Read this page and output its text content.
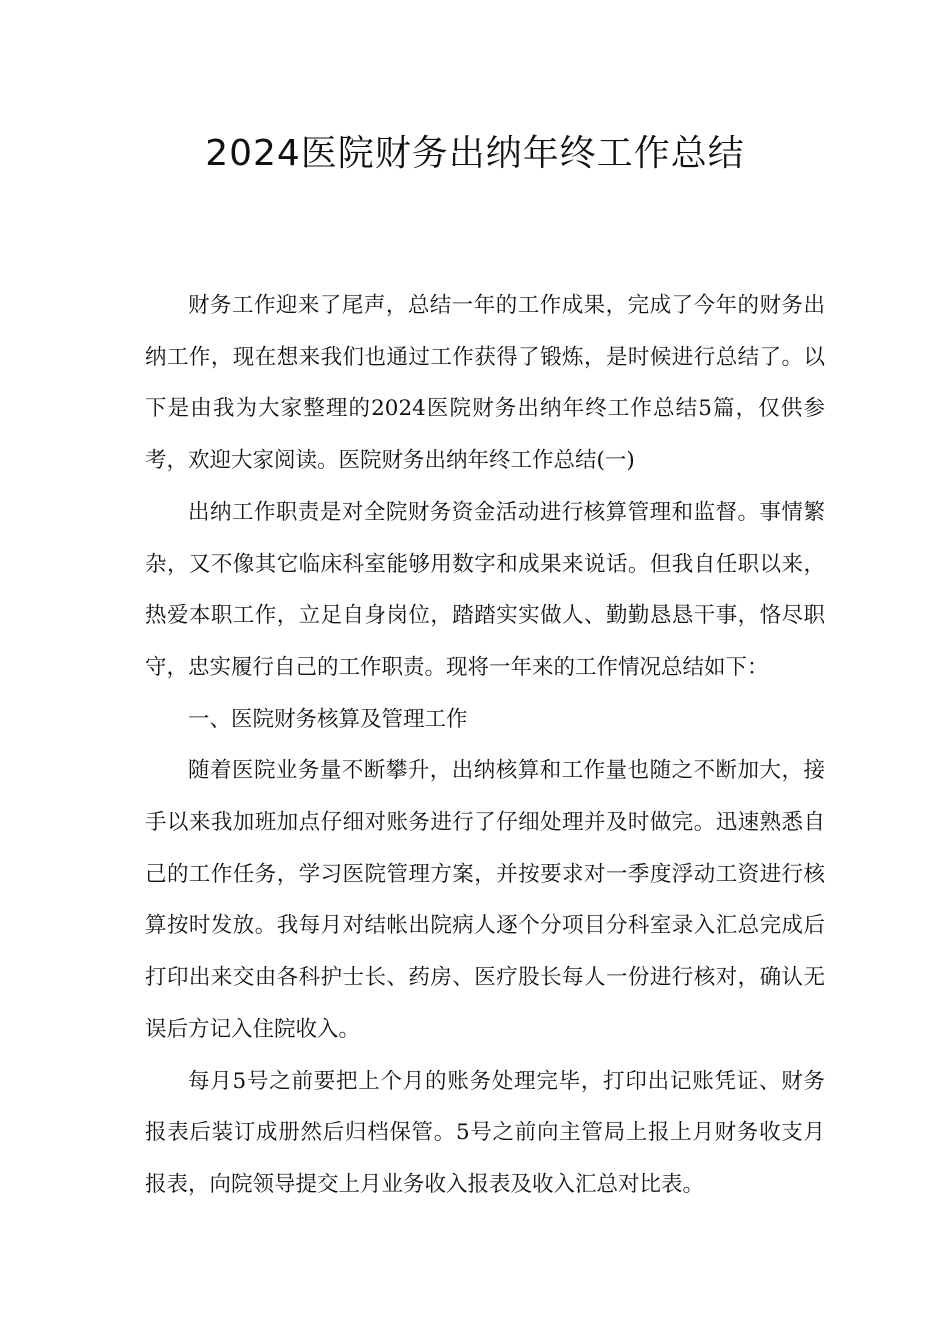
2024医院财务出纳年终工作总结

财务工作迎来了尾声，总结一年的工作成果，完成了今年的财务出纳工作，现在想来我们也通过工作获得了锻炼，是时候进行总结了。以下是由我为大家整理的2024医院财务出纳年终工作总结5篇，仅供参考，欢迎大家阅读。医院财务出纳年终工作总结(一)

出纳工作职责是对全院财务资金活动进行核算管理和监督。事情繁杂，又不像其它临床科室能够用数字和成果来说话。但我自任职以来，热爱本职工作，立足自身岗位，踏踏实实做人、勤勤恳恳干事，恪尽职守，忠实履行自己的工作职责。现将一年来的工作情况总结如下：

一、医院财务核算及管理工作

随着医院业务量不断攀升，出纳核算和工作量也随之不断加大，接手以来我加班加点仔细对账务进行了仔细处理并及时做完。迅速熟悉自己的工作任务，学习医院管理方案，并按要求对一季度浮动工资进行核算按时发放。我每月对结帐出院病人逐个分项目分科室录入汇总完成后打印出来交由各科护士长、药房、医疗股长每人一份进行核对，确认无误后方记入住院收入。

每月5号之前要把上个月的账务处理完毕，打印出记账凭证、财务报表后装订成册然后归档保管。5号之前向主管局上报上月财务收支月报表，向院领导提交上月业务收入报表及收入汇总对比表。
